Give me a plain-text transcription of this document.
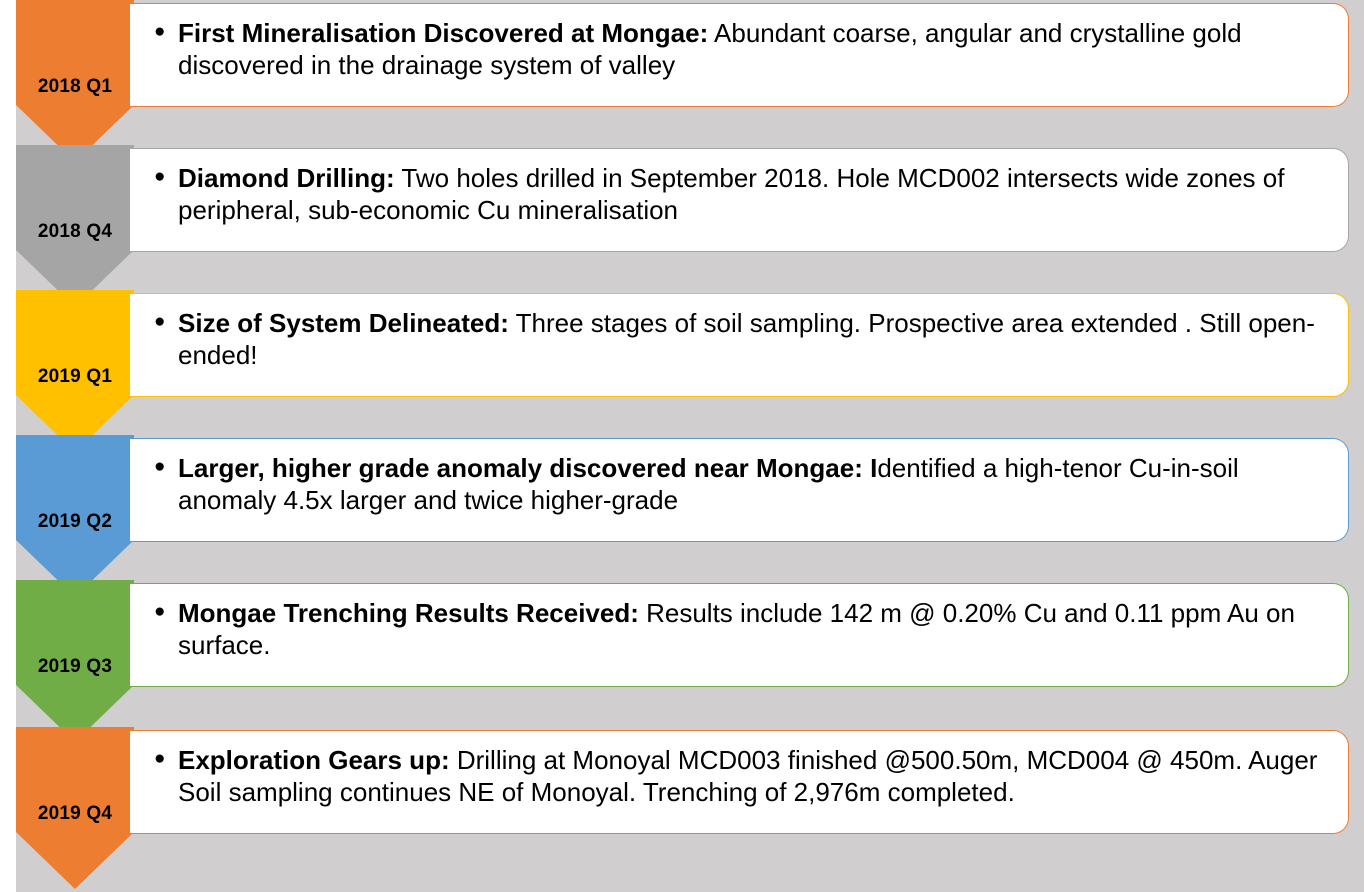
2018 Q1
● First Mineralisation Discovered at Mongae: Abundant coarse, angular and crystalline gold discovered in the drainage system of valley
2018 Q4
● Diamond Drilling: Two holes drilled in September 2018. Hole MCD002 intersects wide zones of peripheral, sub-economic Cu mineralisation
2019 Q1
● Size of System Delineated: Three stages of soil sampling. Prospective area extended . Still open-ended!
2019 Q2
● Larger, higher grade anomaly discovered near Mongae: Identified a high-tenor Cu-in-soil anomaly 4.5x larger and twice higher-grade
2019 Q3
● Mongae Trenching Results Received: Results include 142 m @ 0.20% Cu and 0.11 ppm Au on surface.
2019 Q4
● Exploration Gears up: Drilling at Monoyal MCD003 finished @500.50m, MCD004 @ 450m. Auger Soil sampling continues NE of Monoyal. Trenching of 2,976m completed.
